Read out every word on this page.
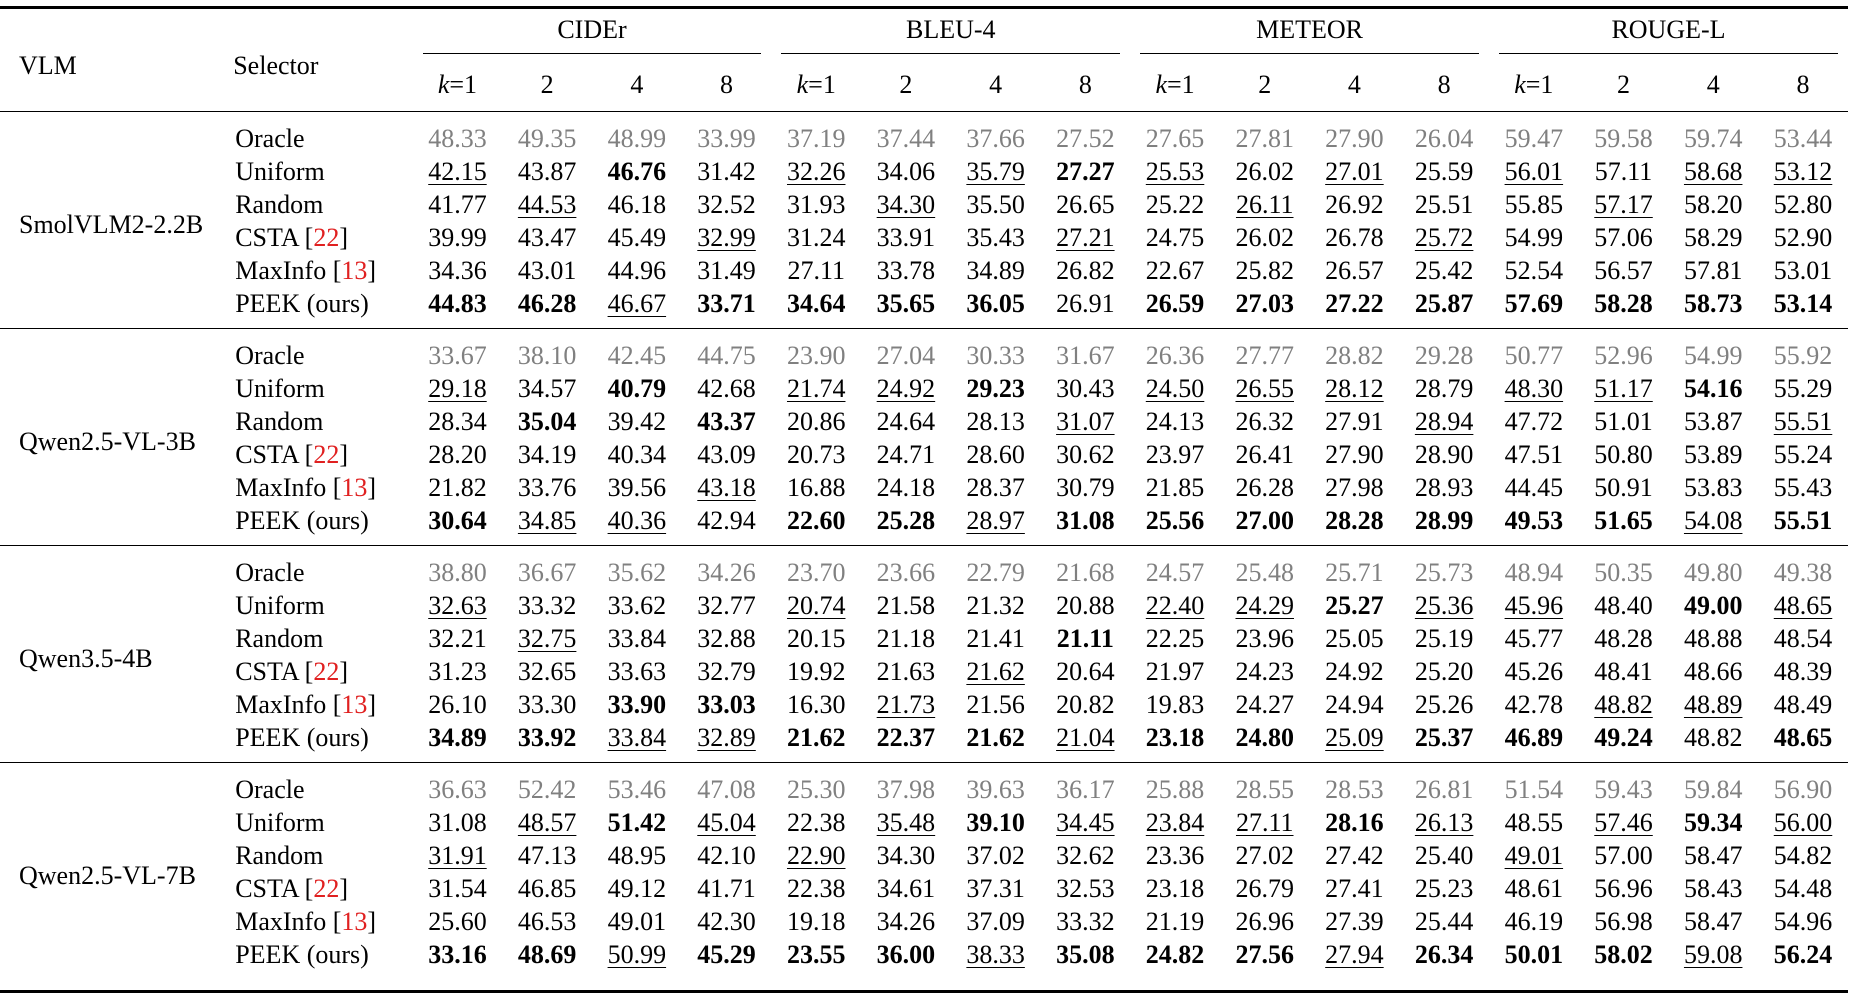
VLM	Selector	CIDEr				BLEU-4				METEOR				ROUGE-L			

		k=1	2	4	8	k=1	2	4	8	k=1	2	4	8	k=1	2	4	8
SmolVLM2-2.2B	Oracle	48.33	49.35	48.99	33.99	37.19	37.44	37.66	27.52	27.65	27.81	27.90	26.04	59.47	59.58	59.74	53.44
	Uniform	42.15	43.87	46.76	31.42	32.26	34.06	35.79	27.27	25.53	26.02	27.01	25.59	56.01	57.11	58.68	53.12
	Random	41.77	44.53	46.18	32.52	31.93	34.30	35.50	26.65	25.22	26.11	26.92	25.51	55.85	57.17	58.20	52.80
	CSTA [22]	39.99	43.47	45.49	32.99	31.24	33.91	35.43	27.21	24.75	26.02	26.78	25.72	54.99	57.06	58.29	52.90
	MaxInfo [13]	34.36	43.01	44.96	31.49	27.11	33.78	34.89	26.82	22.67	25.82	26.57	25.42	52.54	56.57	57.81	53.01
	PEEK (ours)	44.83	46.28	46.67	33.71	34.64	35.65	36.05	26.91	26.59	27.03	27.22	25.87	57.69	58.28	58.73	53.14
Qwen2.5-VL-3B	Oracle	33.67	38.10	42.45	44.75	23.90	27.04	30.33	31.67	26.36	27.77	28.82	29.28	50.77	52.96	54.99	55.92
	Uniform	29.18	34.57	40.79	42.68	21.74	24.92	29.23	30.43	24.50	26.55	28.12	28.79	48.30	51.17	54.16	55.29
	Random	28.34	35.04	39.42	43.37	20.86	24.64	28.13	31.07	24.13	26.32	27.91	28.94	47.72	51.01	53.87	55.51
	CSTA [22]	28.20	34.19	40.34	43.09	20.73	24.71	28.60	30.62	23.97	26.41	27.90	28.90	47.51	50.80	53.89	55.24
	MaxInfo [13]	21.82	33.76	39.56	43.18	16.88	24.18	28.37	30.79	21.85	26.28	27.98	28.93	44.45	50.91	53.83	55.43
	PEEK (ours)	30.64	34.85	40.36	42.94	22.60	25.28	28.97	31.08	25.56	27.00	28.28	28.99	49.53	51.65	54.08	55.51
Qwen3.5-4B	Oracle	38.80	36.67	35.62	34.26	23.70	23.66	22.79	21.68	24.57	25.48	25.71	25.73	48.94	50.35	49.80	49.38
	Uniform	32.63	33.32	33.62	32.77	20.74	21.58	21.32	20.88	22.40	24.29	25.27	25.36	45.96	48.40	49.00	48.65
	Random	32.21	32.75	33.84	32.88	20.15	21.18	21.41	21.11	22.25	23.96	25.05	25.19	45.77	48.28	48.88	48.54
	CSTA [22]	31.23	32.65	33.63	32.79	19.92	21.63	21.62	20.64	21.97	24.23	24.92	25.20	45.26	48.41	48.66	48.39
	MaxInfo [13]	26.10	33.30	33.90	33.03	16.30	21.73	21.56	20.82	19.83	24.27	24.94	25.26	42.78	48.82	48.89	48.49
	PEEK (ours)	34.89	33.92	33.84	32.89	21.62	22.37	21.62	21.04	23.18	24.80	25.09	25.37	46.89	49.24	48.82	48.65
Qwen2.5-VL-7B	Oracle	36.63	52.42	53.46	47.08	25.30	37.98	39.63	36.17	25.88	28.55	28.53	26.81	51.54	59.43	59.84	56.90
	Uniform	31.08	48.57	51.42	45.04	22.38	35.48	39.10	34.45	23.84	27.11	28.16	26.13	48.55	57.46	59.34	56.00
	Random	31.91	47.13	48.95	42.10	22.90	34.30	37.02	32.62	23.36	27.02	27.42	25.40	49.01	57.00	58.47	54.82
	CSTA [22]	31.54	46.85	49.12	41.71	22.38	34.61	37.31	32.53	23.18	26.79	27.41	25.23	48.61	56.96	58.43	54.48
	MaxInfo [13]	25.60	46.53	49.01	42.30	19.18	34.26	37.09	33.32	21.19	26.96	27.39	25.44	46.19	56.98	58.47	54.96
	PEEK (ours)	33.16	48.69	50.99	45.29	23.55	36.00	38.33	35.08	24.82	27.56	27.94	26.34	50.01	58.02	59.08	56.24
